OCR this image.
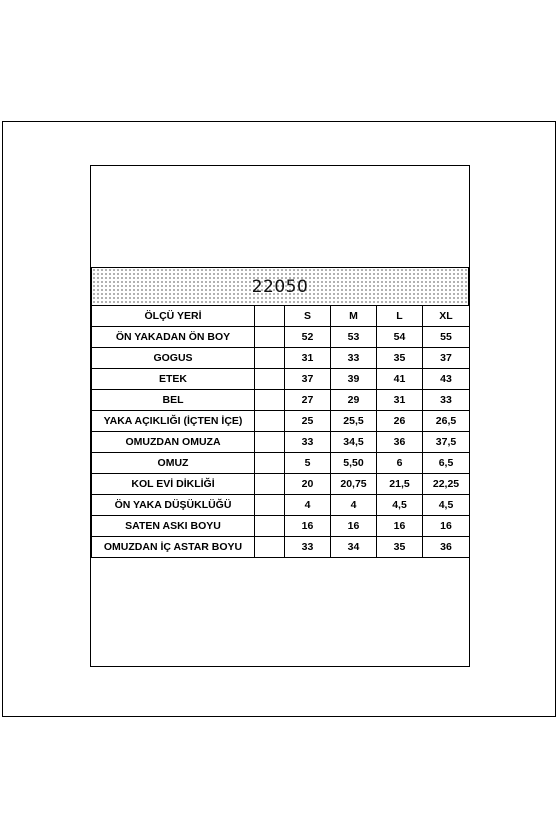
22050
ÖLÇÜ YERİ		S	M	L	XL
ÖN YAKADAN ÖN BOY		52	53	54	55
GOGUS		31	33	35	37
ETEK		37	39	41	43
BEL		27	29	31	33
YAKA AÇIKLIĞI (İÇTEN İÇE)		25	25,5	26	26,5
OMUZDAN OMUZA		33	34,5	36	37,5
OMUZ		5	5,50	6	6,5
KOL EVİ DİKLİĞİ		20	20,75	21,5	22,25
ÖN YAKA DÜŞÜKLÜĞÜ		4	4	4,5	4,5
SATEN ASKI BOYU		16	16	16	16
OMUZDAN İÇ ASTAR BOYU		33	34	35	36
